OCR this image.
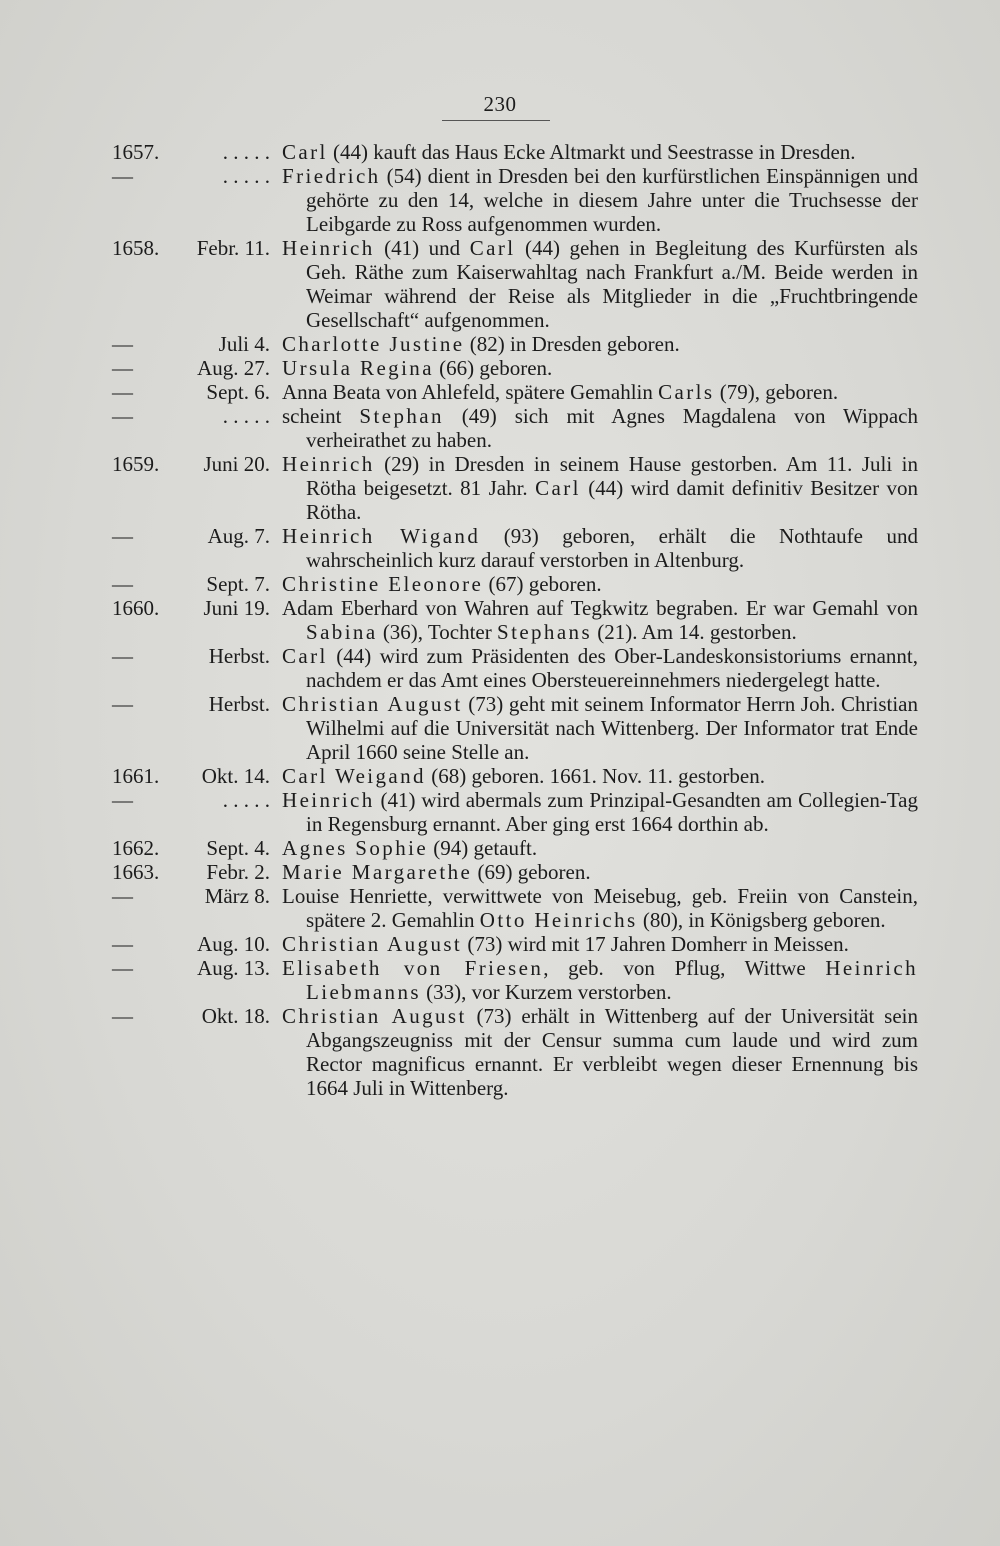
230
1657.	. . . . . Carl (44) kauft das Haus Ecke Altmarkt und Seestrasse in Dresden.
—	. . . . . Friedrich (54) dient in Dresden bei den kurfürstlichen Einspännigen und gehörte zu den 14, welche in diesem Jahre unter die Truchsesse der Leibgarde zu Ross aufgenommen wurden.
1658.	Febr. 11. Heinrich (41) und Carl (44) gehen in Begleitung des Kurfürsten als Geh. Räthe zum Kaiserwahltag nach Frankfurt a./M. Beide werden in Weimar während der Reise als Mitglieder in die „Fruchtbringende Gesellschaft“ aufgenommen.
—	Juli 4. Charlotte Justine (82) in Dresden geboren.
—	Aug. 27. Ursula Regina (66) geboren.
—	Sept. 6. Anna Beata von Ahlefeld, spätere Gemahlin Carls (79), geboren.
—	. . . . . scheint Stephan (49) sich mit Agnes Magdalena von Wippach verheirathet zu haben.
1659.	Juni 20. Heinrich (29) in Dresden in seinem Hause gestorben. Am 11. Juli in Rötha beigesetzt. 81 Jahr. Carl (44) wird damit definitiv Besitzer von Rötha.
—	Aug. 7. Heinrich Wigand (93) geboren, erhält die Nothtaufe und wahrscheinlich kurz darauf verstorben in Altenburg.
—	Sept. 7. Christine Eleonore (67) geboren.
1660.	Juni 19. Adam Eberhard von Wahren auf Tegkwitz begraben. Er war Gemahl von Sabina (36), Tochter Stephans (21). Am 14. gestorben.
—	Herbst. Carl (44) wird zum Präsidenten des Ober-Landeskonsistoriums ernannt, nachdem er das Amt eines Obersteuereinnehmers niedergelegt hatte.
—	Herbst. Christian August (73) geht mit seinem Informator Herrn Joh. Christian Wilhelmi auf die Universität nach Wittenberg. Der Informator trat Ende April 1660 seine Stelle an.
1661.	Okt. 14. Carl Weigand (68) geboren. 1661. Nov. 11. gestorben.
—	. . . . . Heinrich (41) wird abermals zum Prinzipal-Gesandten am Collegien-Tag in Regensburg ernannt. Aber ging erst 1664 dorthin ab.
1662.	Sept. 4. Agnes Sophie (94) getauft.
1663.	Febr. 2. Marie Margarethe (69) geboren.
—	März 8. Louise Henriette, verwittwete von Meisebug, geb. Freiin von Canstein, spätere 2. Gemahlin Otto Heinrichs (80), in Königsberg geboren.
—	Aug. 10. Christian August (73) wird mit 17 Jahren Domherr in Meissen.
—	Aug. 13. Elisabeth von Friesen, geb. von Pflug, Wittwe Heinrich Liebmanns (33), vor Kurzem verstorben.
—	Okt. 18. Christian August (73) erhält in Wittenberg auf der Universität sein Abgangszeugniss mit der Censur summa cum laude und wird zum Rector magnificus ernannt. Er verbleibt wegen dieser Ernennung bis 1664 Juli in Wittenberg.
